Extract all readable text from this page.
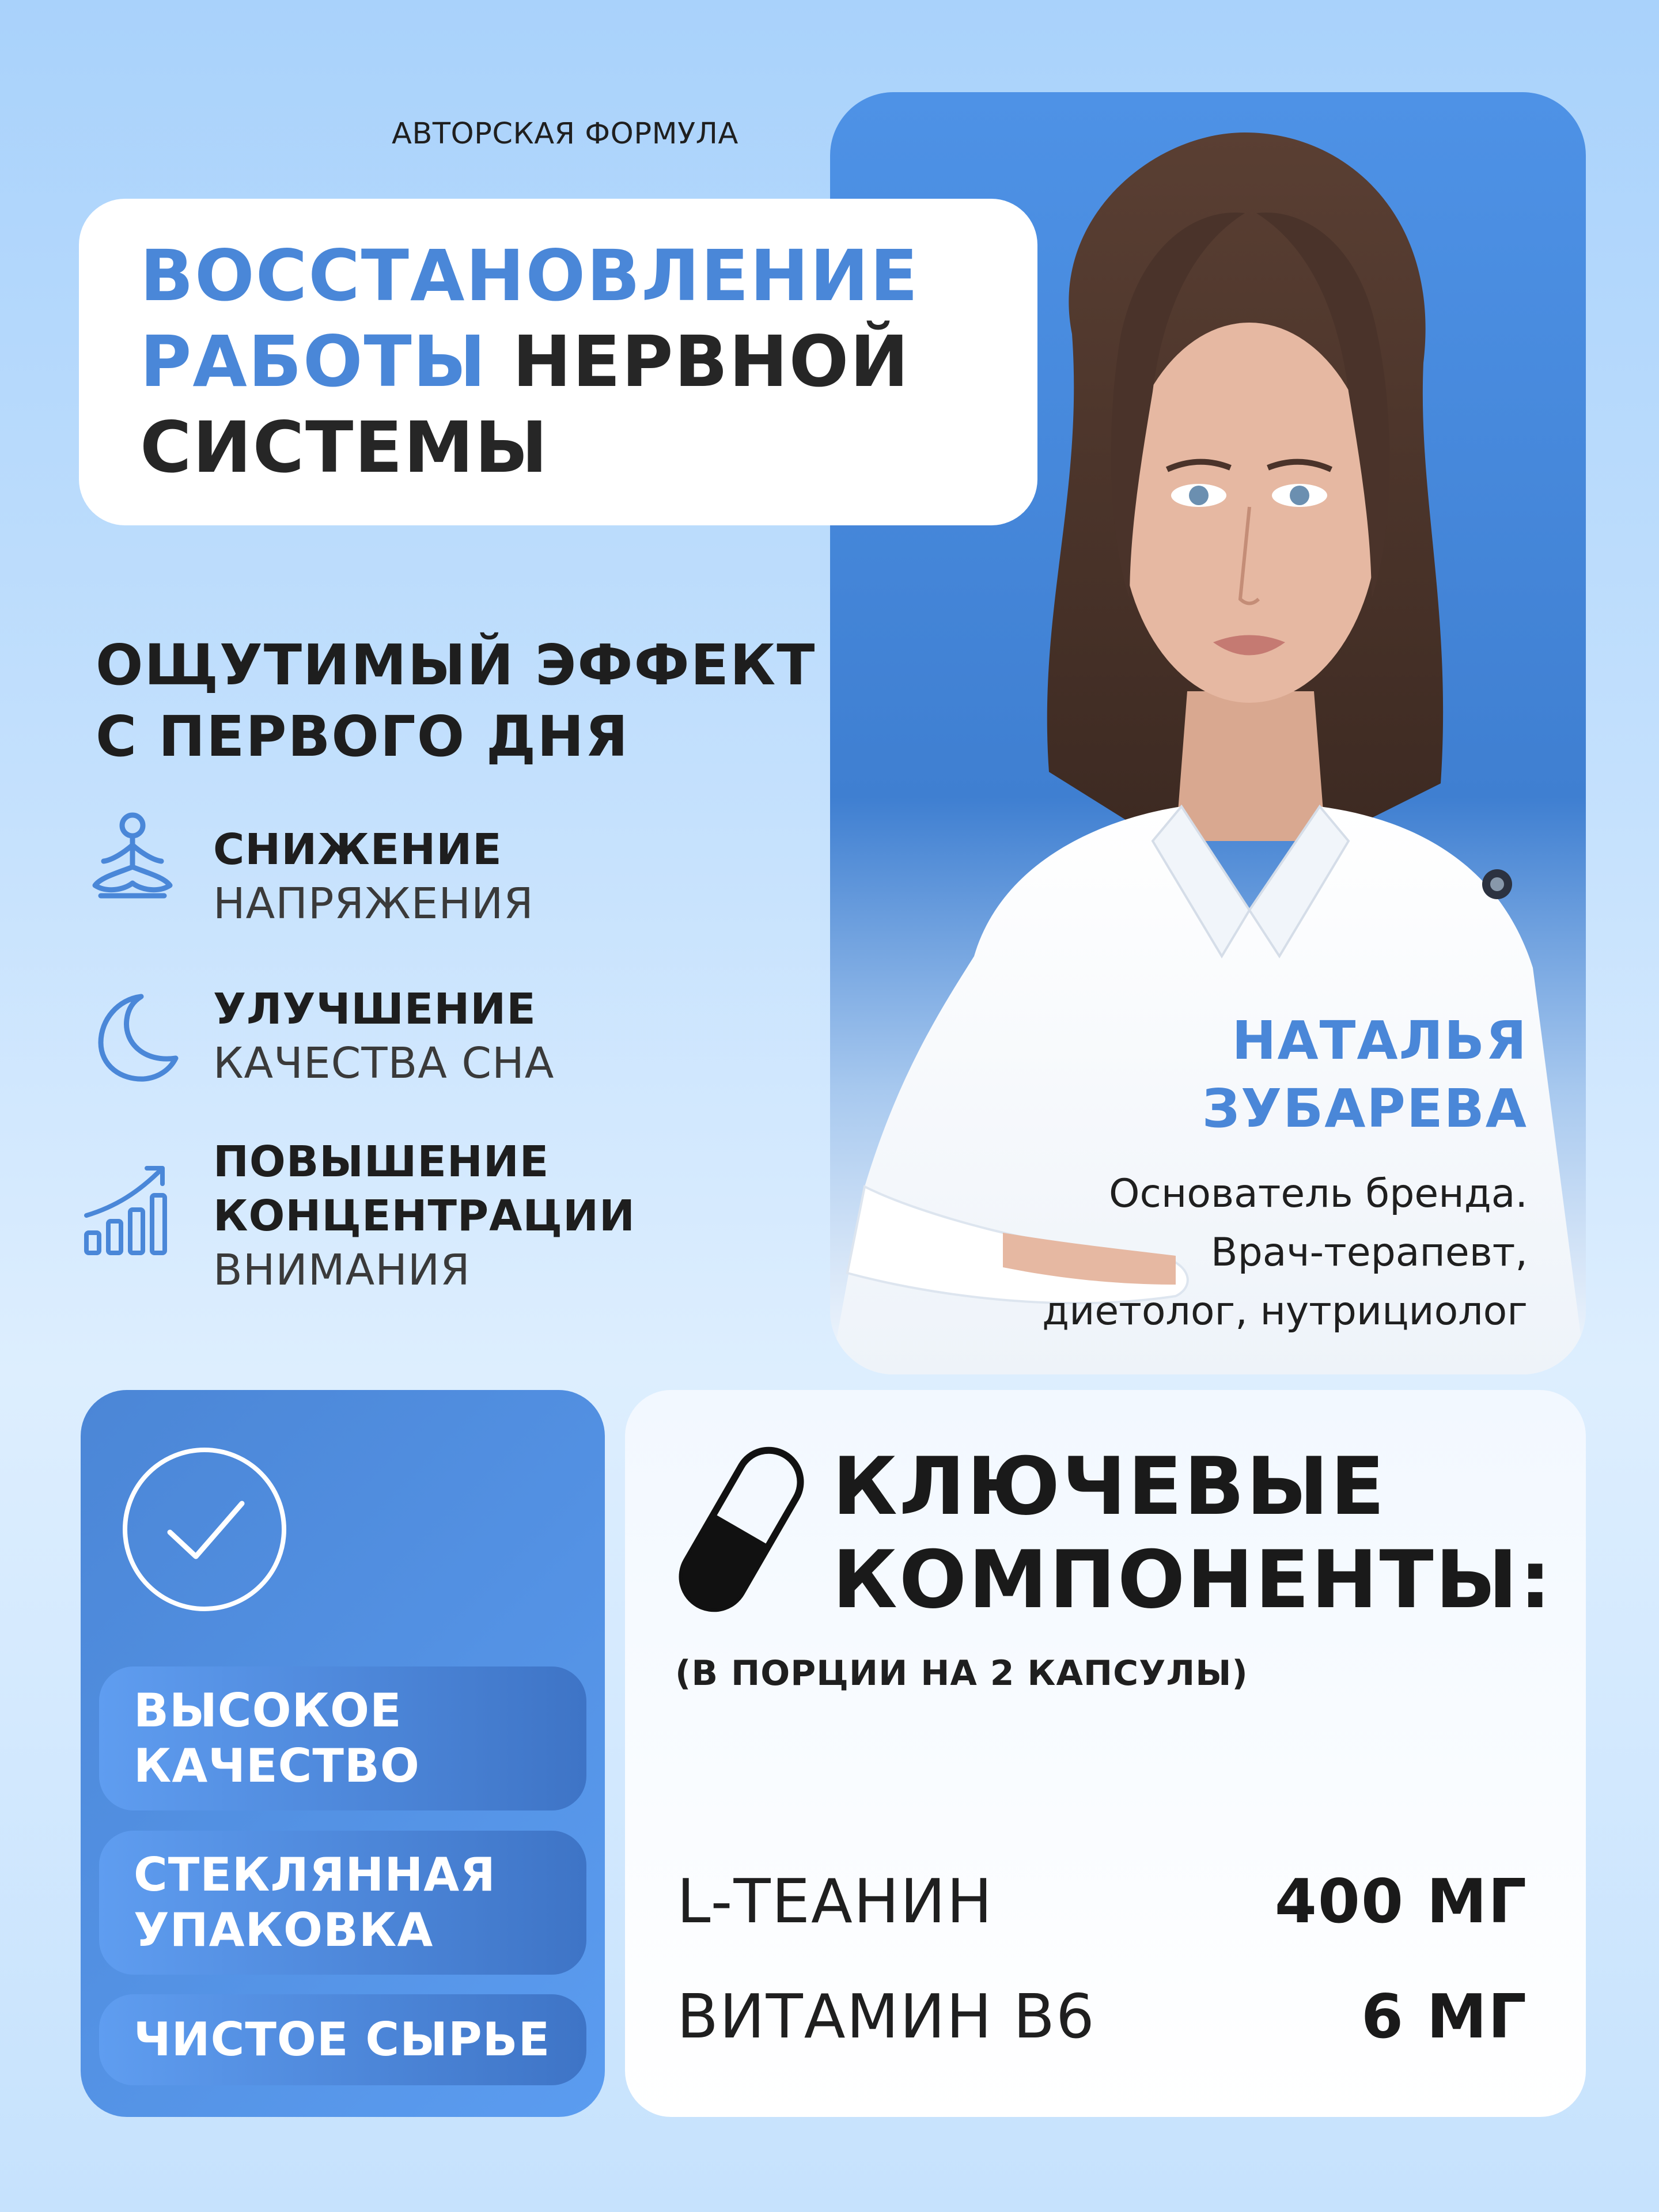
АВТОРСКАЯ ФОРМУЛА
ВОССТАНОВЛЕНИЕ
РАБОТЫ НЕРВНОЙ
СИСТЕМЫ
НАТАЛЬЯ
ЗУБАРЕВА
Основатель бренда.
Врач-терапевт,
диетолог, нутрициолог
ОЩУТИМЫЙ ЭФФЕКТ
С ПЕРВОГО ДНЯ
СНИЖЕНИЕ
НАПРЯЖЕНИЯ
УЛУЧШЕНИЕ
КАЧЕСТВА СНА
ПОВЫШЕНИЕ
КОНЦЕНТРАЦИИ
ВНИМАНИЯ
ВЫСОКОЕ
КАЧЕСТВО
СТЕКЛЯННАЯ
УПАКОВКА
ЧИСТОЕ СЫРЬЕ
КЛЮЧЕВЫЕ
КОМПОНЕНТЫ:
(В ПОРЦИИ НА 2 КАПСУЛЫ)
L-ТЕАНИН	400 МГ
ВИТАМИН В6	6 МГ
